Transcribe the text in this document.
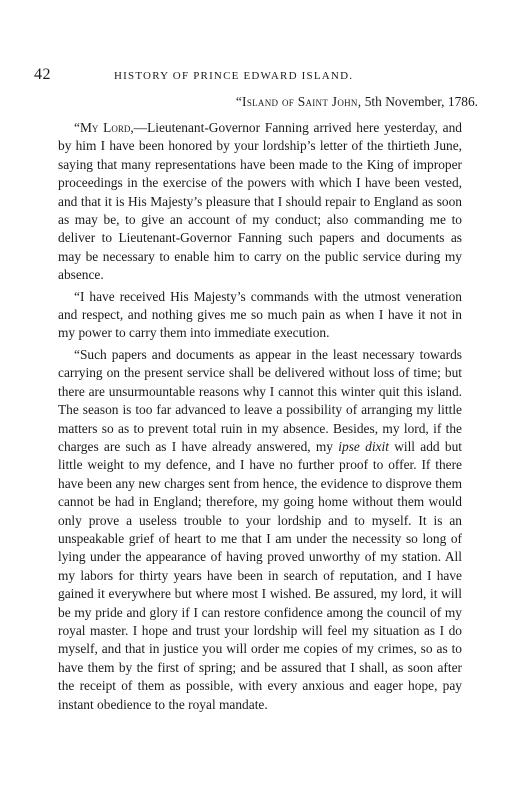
42	HISTORY OF PRINCE EDWARD ISLAND.
“Island of Saint John, 5th November, 1786.

“My Lord,—Lieutenant-Governor Fanning arrived here yesterday, and by him I have been honored by your lordship’s letter of the thirtieth June, saying that many representations have been made to the King of improper proceedings in the exercise of the powers with which I have been vested, and that it is His Majesty’s pleasure that I should repair to England as soon as may be, to give an account of my conduct; also commanding me to deliver to Lieutenant-Governor Fanning such papers and documents as may be necessary to enable him to carry on the public service during my absence.

“I have received His Majesty’s commands with the utmost veneration and respect, and nothing gives me so much pain as when I have it not in my power to carry them into immediate execution.

“Such papers and documents as appear in the least necessary towards carrying on the present service shall be delivered without loss of time; but there are unsurmountable reasons why I cannot this winter quit this island. The season is too far advanced to leave a possibility of arranging my little matters so as to prevent total ruin in my absence. Besides, my lord, if the charges are such as I have already answered, my ipse dixit will add but little weight to my defence, and I have no further proof to offer. If there have been any new charges sent from hence, the evidence to disprove them cannot be had in England; therefore, my going home without them would only prove a useless trouble to your lordship and to myself. It is an unspeakable grief of heart to me that I am under the necessity so long of lying under the appearance of having proved unworthy of my station. All my labors for thirty years have been in search of reputation, and I have gained it everywhere but where most I wished. Be assured, my lord, it will be my pride and glory if I can restore confidence among the council of my royal master. I hope and trust your lordship will feel my situation as I do myself, and that in justice you will order me copies of my crimes, so as to have them by the first of spring; and be assured that I shall, as soon after the receipt of them as possible, with every anxious and eager hope, pay instant obedience to the royal mandate.
